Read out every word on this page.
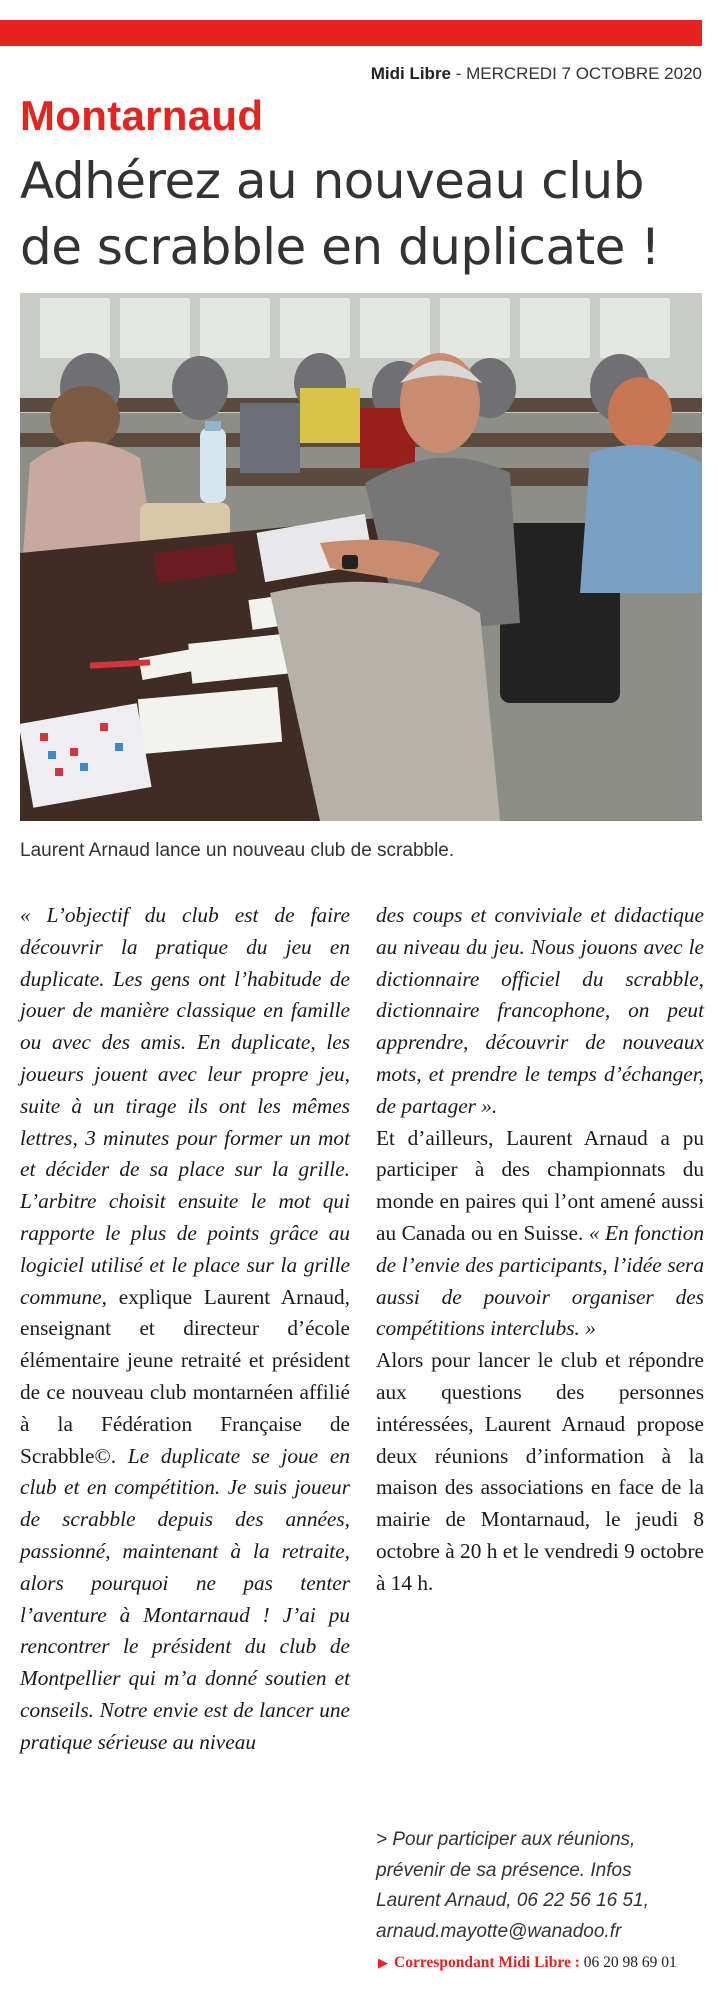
Midi Libre - MERCREDI 7 OCTOBRE 2020
Montarnaud
Adhérez au nouveau club
de scrabble en duplicate !
Laurent Arnaud lance un nouveau club de scrabble.

« L’objectif du club est de faire découvrir la pratique du jeu en duplicate. Les gens ont l’habitude de jouer de manière classique en famille ou avec des amis. En duplicate, les joueurs jouent avec leur propre jeu, suite à un tirage ils ont les mêmes lettres, 3 minutes pour former un mot et décider de sa place sur la grille. L’arbitre choisit ensuite le mot qui rapporte le plus de points grâce au logiciel utilisé et le place sur la grille commune, explique Laurent Arnaud, enseignant et directeur d’école élémentaire jeune retraité et président de ce nouveau club montarnéen affilié à la Fédération Française de Scrabble©. Le duplicate se joue en club et en compétition. Je suis joueur de scrabble depuis des années, passionné, maintenant à la retraite, alors pourquoi ne pas tenter l’aventure à Montarnaud ! J’ai pu rencontrer le président du club de Montpellier qui m’a donné soutien et conseils. Notre envie est de lancer une pratique sérieuse au niveau

des coups et conviviale et didactique au niveau du jeu. Nous jouons avec le dictionnaire officiel du scrabble, dictionnaire francophone, on peut apprendre, découvrir de nouveaux mots, et prendre le temps d’échanger, de partager ».

Et d’ailleurs, Laurent Arnaud a pu participer à des championnats du monde en paires qui l’ont amené aussi au Canada ou en Suisse. « En fonction de l’envie des participants, l’idée sera aussi de pouvoir organiser des compétitions interclubs. »

Alors pour lancer le club et répondre aux questions des personnes intéressées, Laurent Arnaud propose deux réunions d’information à la maison des associations en face de la mairie de Montarnaud, le jeudi 8 octobre à 20 h et le vendredi 9 octobre à 14 h.

> Pour participer aux réunions,
prévenir de sa présence. Infos
Laurent Arnaud, 06 22 56 16 51,
arnaud.mayotte@wanadoo.fr
▶ Correspondant Midi Libre : 06 20 98 69 01
